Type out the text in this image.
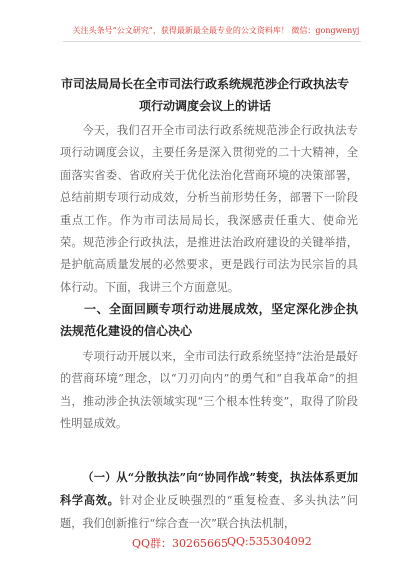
关注头条号“公文研究”，获得最新最全最专业的公文资料库！ 微信：gongwenyj
市司法局局长在全市司法行政系统规范涉企行政执法专项行动调度会议上的讲话
今天，我们召开全市司法行政系统规范涉企行政执法专项行动调度会议，主要任务是深入贯彻党的二十大精神，全面落实省委、省政府关于优化法治化营商环境的决策部署，总结前期专项行动成效，分析当前形势任务，部署下一阶段重点工作。作为市司法局局长，我深感责任重大、使命光荣。规范涉企行政执法，是推进法治政府建设的关键举措，是护航高质量发展的必然要求，更是践行司法为民宗旨的具体行动。下面，我讲三个方面意见。
一、全面回顾专项行动进展成效，坚定深化涉企执法规范化建设的信心决心
专项行动开展以来，全市司法行政系统坚持“法治是最好的营商环境”理念，以“刀刃向内”的勇气和“自我革命”的担当，推动涉企执法领域实现“三个根本性转变”，取得了阶段性明显成效。
（一）从“分散执法”向“协同作战”转变，执法体系更加科学高效。针对企业反映强烈的“重复检查、多头执法”问题，我们创新推行“综合查一次”联合执法机制，
QQ群：30265665
QQ:535304092
